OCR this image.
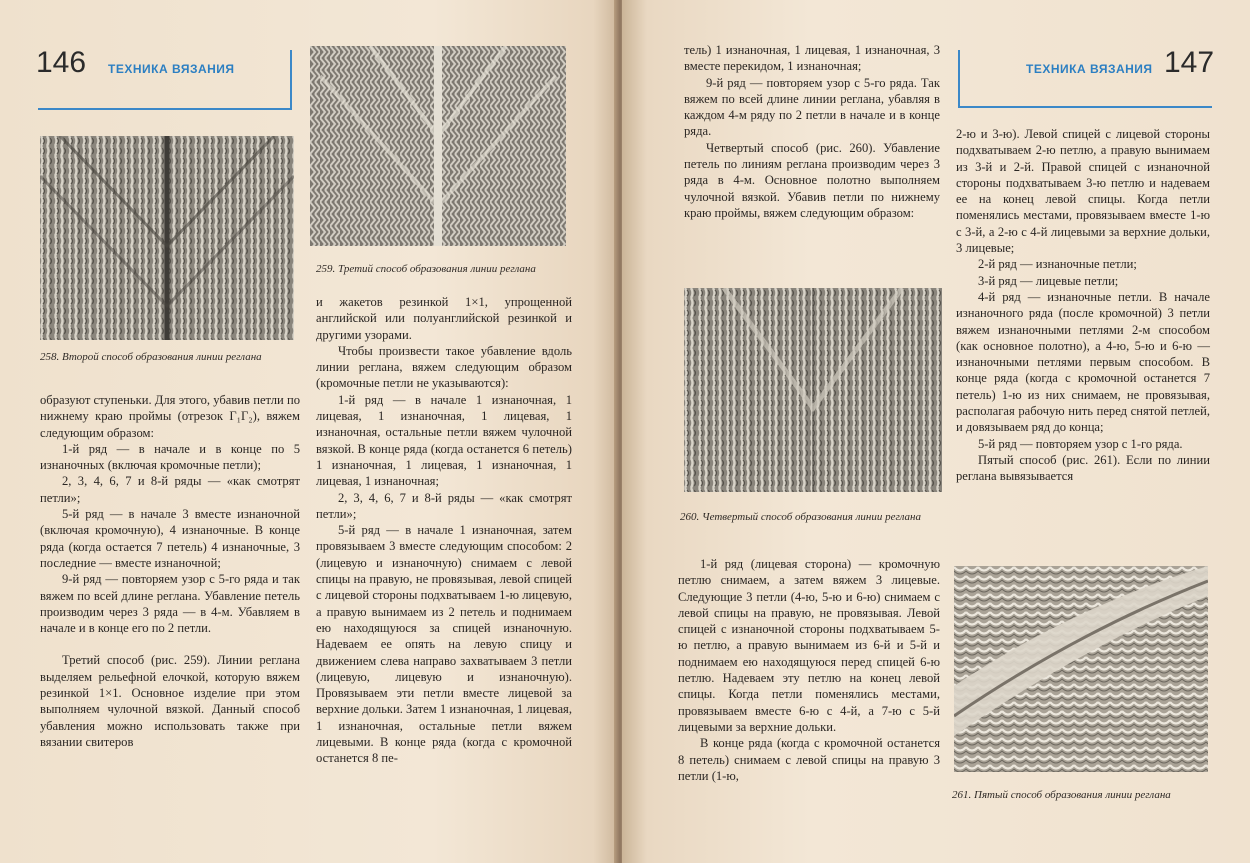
146 ТЕХНИКА ВЯЗАНИЯ
258. Второй способ образования линии реглана
259. Третий способ образования линии реглана

образуют ступеньки. Для этого, убавив петли по нижнему краю проймы (отрезок Г₁Г₂), вяжем следующим образом:

1-й ряд — в начале и в конце по 5 изнаночных (включая кромочные петли);

2, 3, 4, 6, 7 и 8-й ряды — «как смотрят петли»;

5-й ряд — в начале 3 вместе изнаночной (включая кромочную), 4 изнаночные. В конце ряда (когда остается 7 петель) 4 изнаночные, 3 последние — вместе изнаночной;

9-й ряд — повторяем узор с 5-го ряда и так вяжем по всей длине реглана. Убавление петель производим через 3 ряда — в 4-м. Убавляем в начале и в конце его по 2 петли.

Третий способ (рис. 259). Линии реглана выделяем рельефной елочкой, которую вяжем резинкой 1×1. Основное изделие при этом выполняем чулочной вязкой. Данный способ убавления можно использовать также при вязании свитеров

и жакетов резинкой 1×1, упрощенной английской или полуанглийской резинкой и другими узорами.

Чтобы произвести такое убавление вдоль линии реглана, вяжем следующим образом (кромочные петли не указываются):

1-й ряд — в начале 1 изнаночная, 1 лицевая, 1 изнаночная, 1 лицевая, 1 изнаночная, остальные петли вяжем чулочной вязкой. В конце ряда (когда останется 6 петель) 1 изнаночная, 1 лицевая, 1 изнаночная, 1 лицевая, 1 изнаночная;

2, 3, 4, 6, 7 и 8-й ряды — «как смотрят петли»;

5-й ряд — в начале 1 изнаночная, затем провязываем 3 вместе следующим способом: 2 (лицевую и изнаночную) снимаем с левой спицы на правую, не провязывая, левой спицей с лицевой стороны подхватываем 1-ю лицевую, а правую вынимаем из 2 петель и поднимаем ею находящуюся за спицей изнаночную. Надеваем ее опять на левую спицу и движением слева направо захватываем 3 петли (лицевую, лицевую и изнаночную). Провязываем эти петли вместе лицевой за верхние дольки. Затем 1 изнаночная, 1 лицевая, 1 изнаночная, остальные петли вяжем лицевыми. В конце ряда (когда с кромочной останется 8 пе-

ТЕХНИКА ВЯЗАНИЯ 147

тель) 1 изнаночная, 1 лицевая, 1 изнаночная, 3 вместе перекидом, 1 изнаночная;

9-й ряд — повторяем узор с 5-го ряда. Так вяжем по всей длине линии реглана, убавляя в каждом 4-м ряду по 2 петли в начале и в конце ряда.

Четвертый способ (рис. 260). Убавление петель по линиям реглана производим через 3 ряда в 4-м. Основное полотно выполняем чулочной вязкой. Убавив петли по нижнему краю проймы, вяжем следующим образом:

260. Четвертый способ образования линии реглана

1-й ряд (лицевая сторона) — кромочную петлю снимаем, а затем вяжем 3 лицевые. Следующие 3 петли (4-ю, 5-ю и 6-ю) снимаем с левой спицы на правую, не провязывая. Левой спицей с изнаночной стороны подхватываем 5-ю петлю, а правую вынимаем из 6-й и 5-й и поднимаем ею находящуюся перед спицей 6-ю петлю. Надеваем эту петлю на конец левой спицы. Когда петли поменялись местами, провязываем вместе 6-ю с 4-й, а 7-ю с 5-й лицевыми за верхние дольки.

В конце ряда (когда с кромочной останется 8 петель) снимаем с левой спицы на правую 3 петли (1-ю,

2-ю и 3-ю). Левой спицей с лицевой стороны подхватываем 2-ю петлю, а правую вынимаем из 3-й и 2-й. Правой спицей с изнаночной стороны подхватываем 3-ю петлю и надеваем ее на конец левой спицы. Когда петли поменялись местами, провязываем вместе 1-ю с 3-й, а 2-ю с 4-й лицевыми за верхние дольки, 3 лицевые;

2-й ряд — изнаночные петли;

3-й ряд — лицевые петли;

4-й ряд — изнаночные петли. В начале изнаночного ряда (после кромочной) 3 петли вяжем изнаночными петлями 2-м способом (как основное полотно), а 4-ю, 5-ю и 6-ю — изнаночными петлями первым способом. В конце ряда (когда с кромочной останется 7 петель) 1-ю из них снимаем, не провязывая, располагая рабочую нить перед снятой петлей, и довязываем ряд до конца;

5-й ряд — повторяем узор с 1-го ряда.

Пятый способ (рис. 261). Если по линии реглана вывязывается

261. Пятый способ образования линии реглана
